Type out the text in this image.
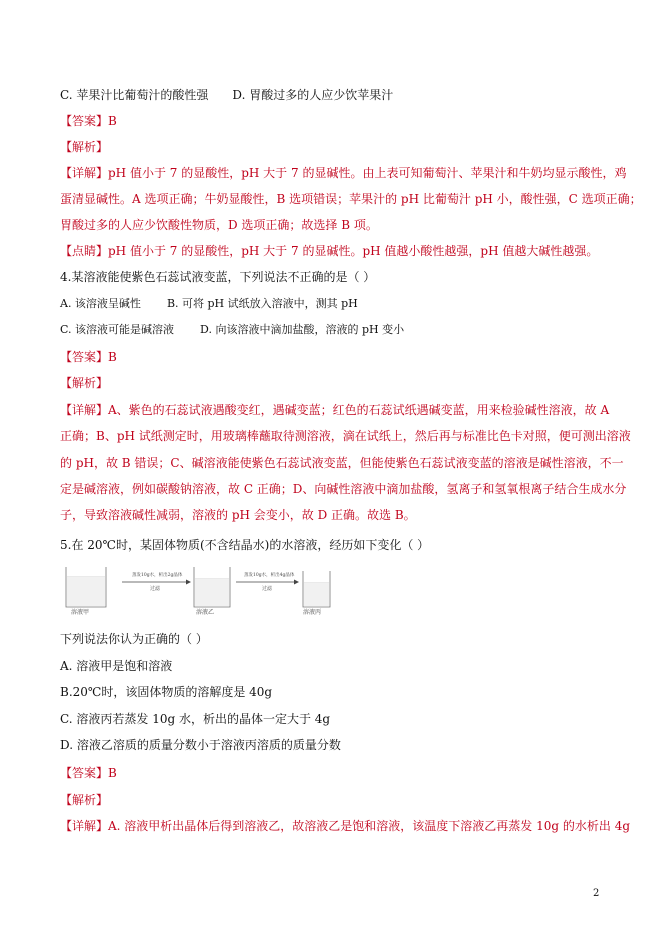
C. 苹果汁比葡萄汁的酸性强 D. 胃酸过多的人应少饮苹果汁
【答案】B
【解析】
【详解】pH 值小于 7 的显酸性，pH 大于 7 的显碱性。由上表可知葡萄汁、苹果汁和牛奶均显示酸性，鸡
蛋清显碱性。A 选项正确；牛奶显酸性，B 选项错误；苹果汁的 pH 比葡萄汁 pH 小，酸性强，C 选项正确；
胃酸过多的人应少饮酸性物质，D 选项正确；故选择 B 项。
【点睛】pH 值小于 7 的显酸性，pH 大于 7 的显碱性。pH 值越小酸性越强，pH 值越大碱性越强。
4.某溶液能使紫色石蕊试液变蓝，下列说法不正确的是（ ）
A. 该溶液呈碱性 B. 可将 pH 试纸放入溶液中，测其 pH
C. 该溶液可能是碱溶液 D. 向该溶液中滴加盐酸，溶液的 pH 变小
【答案】B
【解析】
【详解】A、紫色的石蕊试液遇酸变红，遇碱变蓝；红色的石蕊试纸遇碱变蓝，用来检验碱性溶液，故 A
正确；B、pH 试纸测定时，用玻璃棒蘸取待测溶液，滴在试纸上，然后再与标准比色卡对照，便可测出溶液
的 pH，故 B 错误；C、碱溶液能使紫色石蕊试液变蓝，但能使紫色石蕊试液变蓝的溶液是碱性溶液，不一
定是碱溶液，例如碳酸钠溶液，故 C 正确；D、向碱性溶液中滴加盐酸，氢离子和氢氧根离子结合生成水分
子，导致溶液碱性减弱，溶液的 pH 会变小，故 D 正确。故选 B。
5.在 20℃时，某固体物质(不含结晶水)的水溶液，经历如下变化（ ）
溶液甲
蒸发10g水，析出2g晶体
过滤
溶液乙
蒸发10g水，析出4g晶体
过滤
溶液丙
下列说法你认为正确的（ ）
A. 溶液甲是饱和溶液
B.20℃时，该固体物质的溶解度是 40g
C. 溶液丙若蒸发 10g 水，析出的晶体一定大于 4g
D. 溶液乙溶质的质量分数小于溶液丙溶质的质量分数
【答案】B
【解析】
【详解】A. 溶液甲析出晶体后得到溶液乙，故溶液乙是饱和溶液，该温度下溶液乙再蒸发 10g 的水析出 4g
2
